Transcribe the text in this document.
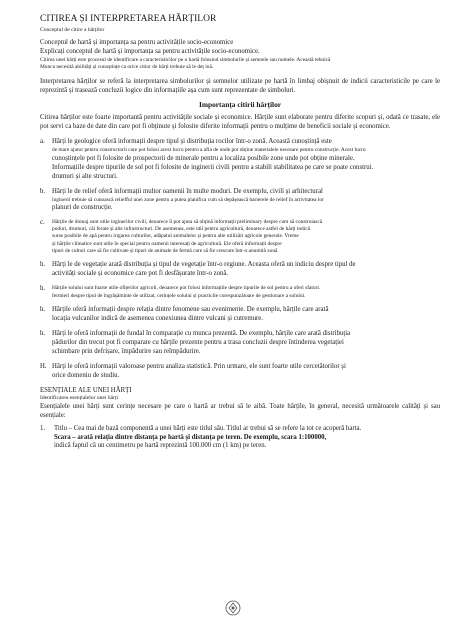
CITIREA ȘI INTERPRETAREA HĂRȚILOR
Conceptul de citire a hărților
Conceptul de hartă și importanța sa pentru activitățile socio-economice
Explicați conceptul de hartă și importanța sa pentru activitățile socio-economice.
Citirea unei hărți este procesul de identificare a caracteristicilor pe o hartă folosind simbolurile și semnele sau numele. Această tehnică
Munca necesită abilități și cunoștințe ca orice citior de hărți trebuie să le deț ină.
Interpretarea hărților se referă la interpretarea simbolurilor și semnelor utilizate pe hartă în limbaj obișnuit de indicii caracteristicile pe care le reprezintă și trasează concluzii logice din informațiile așa cum sunt reprezentate de simboluri.
Importanța citirii hărților
Citirea hărților este foarte importantă pentru activitățile sociale și economice. Hărțile sunt elaborate pentru diferite scopuri și, odată ce trasate, ele pot servi ca baze de date din care pot fi obținute și folosite diferite informații pentru o mulțime de beneficii sociale și economice.
a.	Hărți le geologice oferă informații despre tipul și distribuția rocilor într-o zonă. Această cunoștință este
de mare ajutor pentru constructorii care pot folosi acest lucru pentru a afla de unde pot obține materialele necesare pentru construcție. Acest lucru
cunoștințele pot fi folosite de prospectorii de minerale pentru a localiza posibile zone unde pot obține minerale.
Informațiile despre tipurile de sol pot fi folosite de inginerii civili pentru a stabili stabilitatea pe care se poate construi.
drumuri și alte structuri.
b.	Hărți le de relief oferă informații multor oamenii în multe moduri. De exemplu, civili și arhitectural
inginerii trebuie să cunoască reliefful unei zone pentru a putea planifica cum să depășească barierele de relief în activitatea lor
planuri de construcție.
c.	Hărțile de drenaj sunt utile inginerilor civili, deoarece îi pot ajuta să obțină informații preliminary despre cum să construiască
poduri, drumuri, căi ferate și alte infrastructuri. De asemenea, este util pentru agricultură, deoarece astfel de hărți indică
surse posibile de apă pentru irigarea culturilor, adăpatul animalelor și pentru alte utilizări agricole generale. Vreme
și hărțile climatice sunt utile în special pentru oamenii interesați de agricultură. Ele oferă informații despre
tipuri de culturi care să fie cultivate și tipuri de animale de fermă care să fie crescute într-o anumită zonă
h.	Hărți le de vegetație arată distribuția și tipul de vegetație într-o regiune. Aceasta oferă un indiciu despre tipul de
activități sociale și economice care pot fi desfășurate într-o zonă.
h.	Hărțile solului sunt foarte utile ofițerilor agricoli, deoarece pot folosi informațiile despre tipurile de sol pentru a oferi sfaturi.
fermieri despre tipul de îngrășăminte de utilizat, cerințele solului și practicile corespunzătoare de gestionare a solului.
h.	Hărțile oferă informații despre relația dintre fenomene sau evenimente. De exemplu, hărțile care arată
locația vulcanilor indică de asemenea conexiunea dintre vulcani și cutremure.
h.	Hărți le oferă informații de fundal în comparație cu munca prezentă. De exemplu, hărțile care arată distribuția
pădurilor din trecut pot fi comparate cu hărțile prezente pentru a trasa concluzii despre întinderea vegetației
schimbare prin defrișare, împădurire sau reîmpădurire.
H. Hărți le oferă informații valoroase pentru analiza statistică. Prin urmare, ele sunt foarte utile cercetătorilor și
orice domeniu de studiu.
ESENȚIALE ALE UNEI HĂRȚI
Identificarea esențialelor unei hărți
Esențialele unei hărți sunt cerințe necesare pe care o hartă ar trebui să le aibă. Toate hărțile, în general, necesită următoarele calități și sau esențiale:
1.	Titlu – Cea mai de bază componentă a unei hărți este titlul său. Titlul ar trebui să se refere la tot ce acoperă harta.
Scara – arată relația dintre distanța pe hartă și distanța pe teren. De exemplu, scara 1:100000,
indică faptul că un centimetru pe hartă reprezintă 100.000 cm (1 km) pe teren.
